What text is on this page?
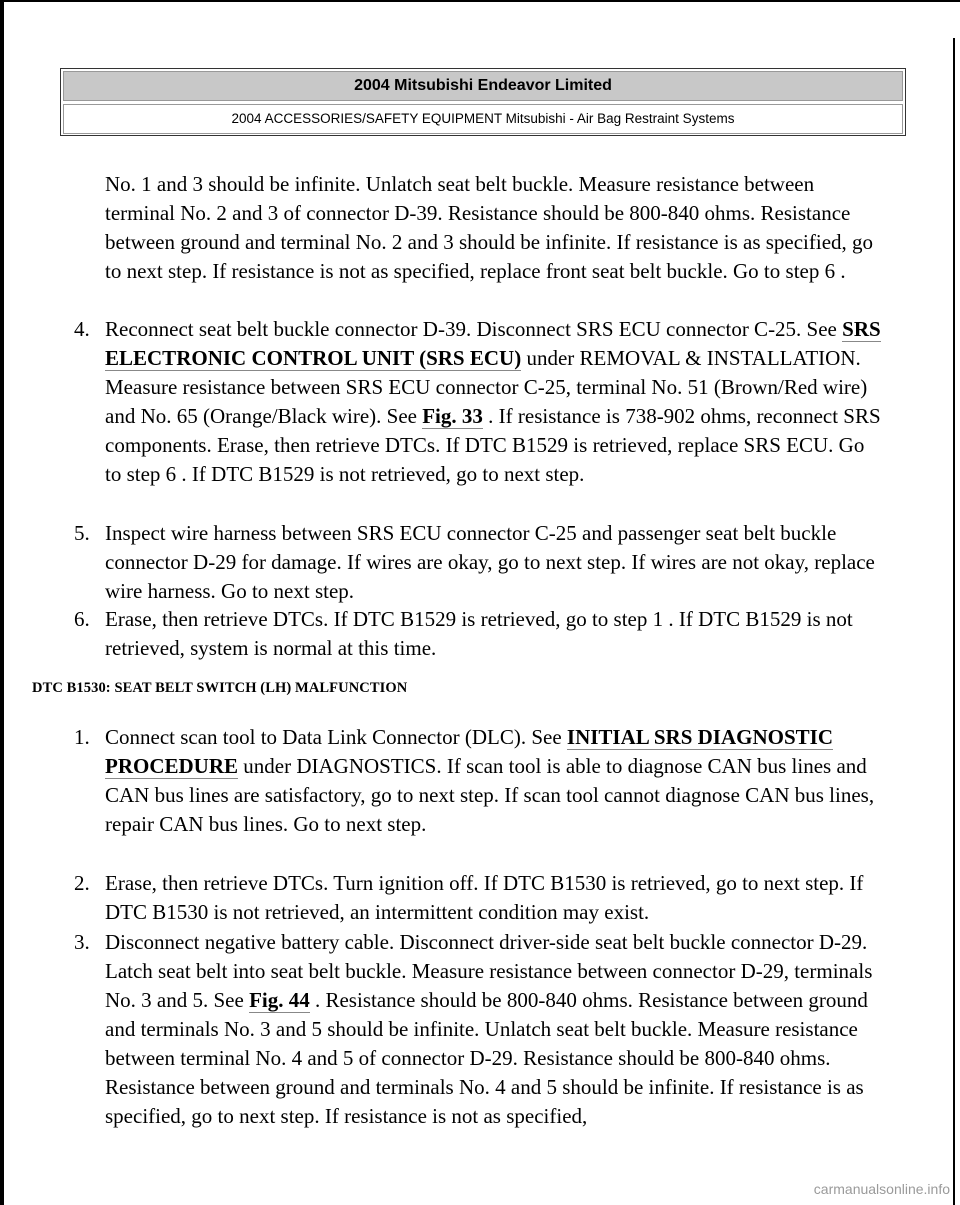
2004 Mitsubishi Endeavor Limited
2004 ACCESSORIES/SAFETY EQUIPMENT Mitsubishi - Air Bag Restraint Systems

No. 1 and 3 should be infinite. Unlatch seat belt buckle. Measure resistance between terminal No. 2 and 3 of connector D-39. Resistance should be 800-840 ohms. Resistance between ground and terminal No. 2 and 3 should be infinite. If resistance is as specified, go to next step. If resistance is not as specified, replace front seat belt buckle. Go to step 6 .

4. Reconnect seat belt buckle connector D-39. Disconnect SRS ECU connector C-25. See SRS ELECTRONIC CONTROL UNIT (SRS ECU) under REMOVAL & INSTALLATION. Measure resistance between SRS ECU connector C-25, terminal No. 51 (Brown/Red wire) and No. 65 (Orange/Black wire). See Fig. 33 . If resistance is 738-902 ohms, reconnect SRS components. Erase, then retrieve DTCs. If DTC B1529 is retrieved, replace SRS ECU. Go to step 6 . If DTC B1529 is not retrieved, go to next step.
5. Inspect wire harness between SRS ECU connector C-25 and passenger seat belt buckle connector D-29 for damage. If wires are okay, go to next step. If wires are not okay, replace wire harness. Go to next step.
6. Erase, then retrieve DTCs. If DTC B1529 is retrieved, go to step 1 . If DTC B1529 is not retrieved, system is normal at this time.
DTC B1530: SEAT BELT SWITCH (LH) MALFUNCTION
1. Connect scan tool to Data Link Connector (DLC). See INITIAL SRS DIAGNOSTIC PROCEDURE under DIAGNOSTICS. If scan tool is able to diagnose CAN bus lines and CAN bus lines are satisfactory, go to next step. If scan tool cannot diagnose CAN bus lines, repair CAN bus lines. Go to next step.
2. Erase, then retrieve DTCs. Turn ignition off. If DTC B1530 is retrieved, go to next step. If DTC B1530 is not retrieved, an intermittent condition may exist.
3. Disconnect negative battery cable. Disconnect driver-side seat belt buckle connector D-29. Latch seat belt into seat belt buckle. Measure resistance between connector D-29, terminals No. 3 and 5. See Fig. 44 . Resistance should be 800-840 ohms. Resistance between ground and terminals No. 3 and 5 should be infinite. Unlatch seat belt buckle. Measure resistance between terminal No. 4 and 5 of connector D-29. Resistance should be 800-840 ohms. Resistance between ground and terminals No. 4 and 5 should be infinite. If resistance is as specified, go to next step. If resistance is not as specified,
carmanualsonline.info
